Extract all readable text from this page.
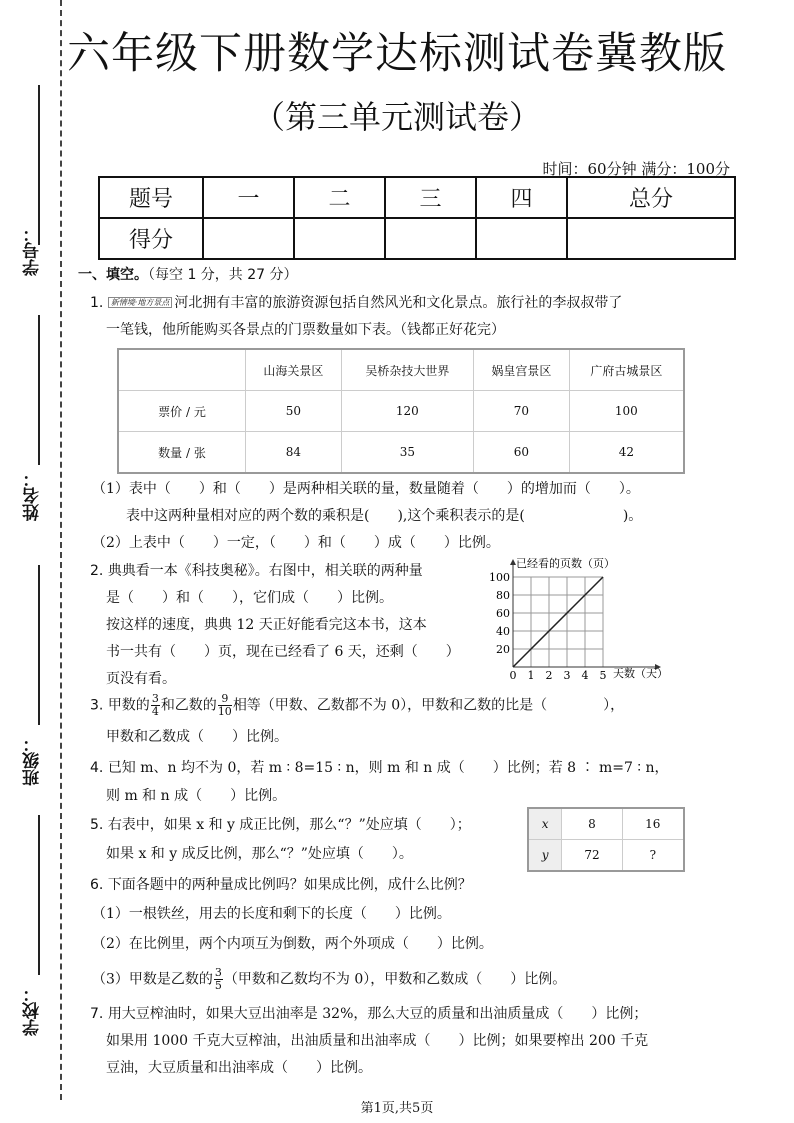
学号：
姓名：
班级：
学校：
六年级下册数学达标测试卷冀教版
（第三单元测试卷）
时间：60分钟 满分：100分
题号	一	二	三	四	总分
得分					
一、填空。（每空 1 分，共 27 分）
1. 新情境·地方景点 河北拥有丰富的旅游资源包括自然风光和文化景点。旅行社的李叔叔带了
一笔钱，他所能购买各景点的门票数量如下表。（钱都正好花完）
	山海关景区	吴桥杂技大世界	娲皇宫景区	广府古城景区
票价 / 元	50	120	70	100
数量 / 张	84	35	60	42
（1）表中（　　）和（　　）是两种相关联的量，数量随着（　　）的增加而（　　）。
表中这两种量相对应的两个数的乘积是(　　),这个乘积表示的是(　　　　　　　)。
（2）上表中（　　）一定，（　　）和（　　）成（　　）比例。
2. 典典看一本《科技奥秘》。右图中，相关联的两种量
是（　　）和（　　），它们成（　　）比例。
按这样的速度，典典 12 天正好能看完这本书，这本
书一共有（　　）页，现在已经看了 6 天，还剩（　　）
页没有看。
已经看的页数（页）
天数（天）
20
40
60
80
100
0 1 2 3 4 5
3. 甲数的 $\frac{3}{4}$ 和乙数的 $\frac{9}{10}$ 相等（甲数、乙数都不为 0），甲数和乙数的比是（　　　　），
甲数和乙数成（　　）比例。
4. 已知 m、n 均不为 0，若 m ∶ 8=15 ∶ n，则 m 和 n 成（　　）比例；若 8 ∶ m=7 ∶ n，
则 m 和 n 成（　　）比例。
5. 右表中，如果 x 和 y 成正比例，那么“？”处应填（　　）；
如果 x 和 y 成反比例，那么“？”处应填（　　）。
x	8	16
y	72	?
6. 下面各题中的两种量成比例吗？如果成比例，成什么比例？
（1）一根铁丝，用去的长度和剩下的长度（　　）比例。
（2）在比例里，两个内项互为倒数，两个外项成（　　）比例。
（3）甲数是乙数的 $\frac{3}{5}$ （甲数和乙数均不为 0），甲数和乙数成（　　）比例。
7. 用大豆榨油时，如果大豆出油率是 32%，那么大豆的质量和出油质量成（　　）比例；
如果用 1000 千克大豆榨油，出油质量和出油率成（　　）比例；如果要榨出 200 千克
豆油，大豆质量和出油率成（　　）比例。
第1页,共5页
